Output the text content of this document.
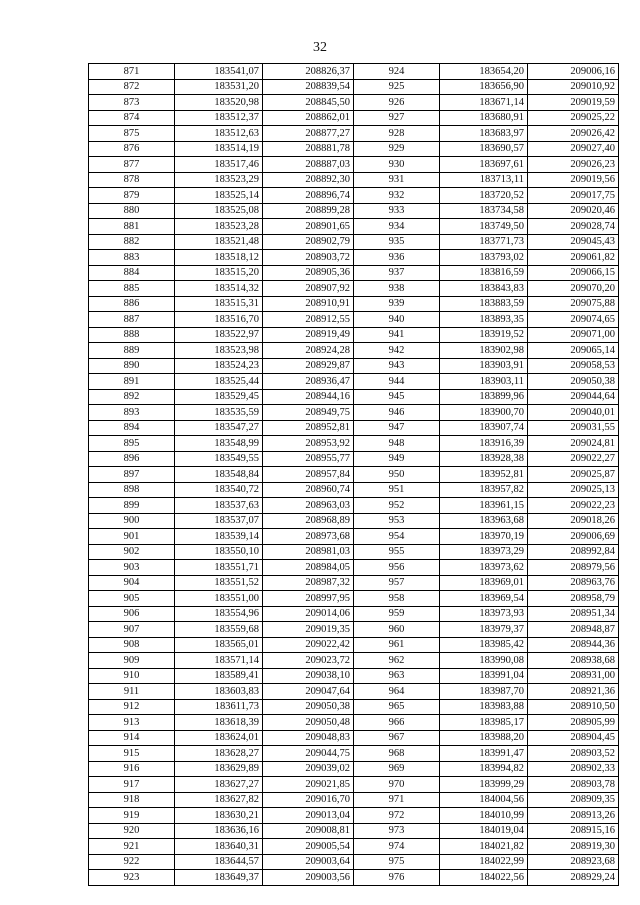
32
871	183541,07	208826,37	924	183654,20	209006,16
872	183531,20	208839,54	925	183656,90	209010,92
873	183520,98	208845,50	926	183671,14	209019,59
874	183512,37	208862,01	927	183680,91	209025,22
875	183512,63	208877,27	928	183683,97	209026,42
876	183514,19	208881,78	929	183690,57	209027,40
877	183517,46	208887,03	930	183697,61	209026,23
878	183523,29	208892,30	931	183713,11	209019,56
879	183525,14	208896,74	932	183720,52	209017,75
880	183525,08	208899,28	933	183734,58	209020,46
881	183523,28	208901,65	934	183749,50	209028,74
882	183521,48	208902,79	935	183771,73	209045,43
883	183518,12	208903,72	936	183793,02	209061,82
884	183515,20	208905,36	937	183816,59	209066,15
885	183514,32	208907,92	938	183843,83	209070,20
886	183515,31	208910,91	939	183883,59	209075,88
887	183516,70	208912,55	940	183893,35	209074,65
888	183522,97	208919,49	941	183919,52	209071,00
889	183523,98	208924,28	942	183902,98	209065,14
890	183524,23	208929,87	943	183903,91	209058,53
891	183525,44	208936,47	944	183903,11	209050,38
892	183529,45	208944,16	945	183899,96	209044,64
893	183535,59	208949,75	946	183900,70	209040,01
894	183547,27	208952,81	947	183907,74	209031,55
895	183548,99	208953,92	948	183916,39	209024,81
896	183549,55	208955,77	949	183928,38	209022,27
897	183548,84	208957,84	950	183952,81	209025,87
898	183540,72	208960,74	951	183957,82	209025,13
899	183537,63	208963,03	952	183961,15	209022,23
900	183537,07	208968,89	953	183963,68	209018,26
901	183539,14	208973,68	954	183970,19	209006,69
902	183550,10	208981,03	955	183973,29	208992,84
903	183551,71	208984,05	956	183973,62	208979,56
904	183551,52	208987,32	957	183969,01	208963,76
905	183551,00	208997,95	958	183969,54	208958,79
906	183554,96	209014,06	959	183973,93	208951,34
907	183559,68	209019,35	960	183979,37	208948,87
908	183565,01	209022,42	961	183985,42	208944,36
909	183571,14	209023,72	962	183990,08	208938,68
910	183589,41	209038,10	963	183991,04	208931,00
911	183603,83	209047,64	964	183987,70	208921,36
912	183611,73	209050,38	965	183983,88	208910,50
913	183618,39	209050,48	966	183985,17	208905,99
914	183624,01	209048,83	967	183988,20	208904,45
915	183628,27	209044,75	968	183991,47	208903,52
916	183629,89	209039,02	969	183994,82	208902,33
917	183627,27	209021,85	970	183999,29	208903,78
918	183627,82	209016,70	971	184004,56	208909,35
919	183630,21	209013,04	972	184010,99	208913,26
920	183636,16	209008,81	973	184019,04	208915,16
921	183640,31	209005,54	974	184021,82	208919,30
922	183644,57	209003,64	975	184022,99	208923,68
923	183649,37	209003,56	976	184022,56	208929,24
